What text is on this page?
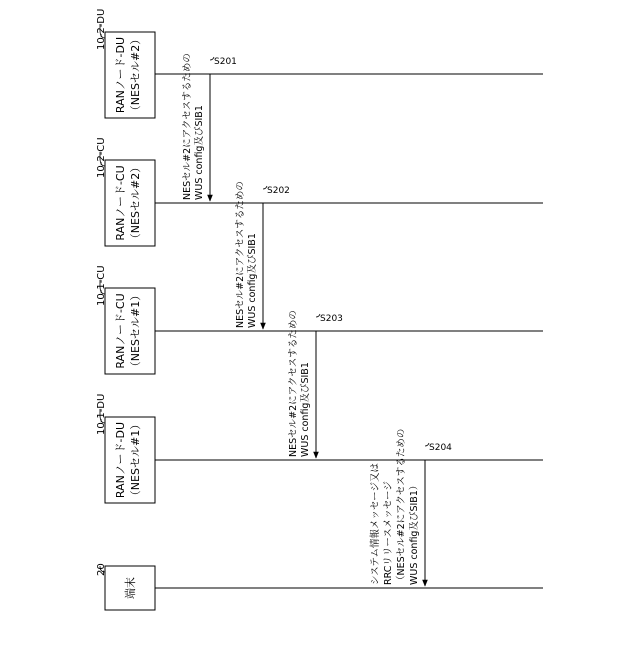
RANノード-DU （NESセル#2）
RANノード-CU （NESセル#2）
RANノード-CU （NESセル#1）
RANノード-DU （NESセル#1）
端末
10-2-DU
10-2-CU
10-1-CU
10-1-DU
20
NESセル#2にアクセスするための WUS config及びSIB1
S201
NESセル#2にアクセスするための WUS config及びSIB1
S202
NESセル#2にアクセスするための WUS config及びSIB1
S203
システム情報メッセージ又は RRCリリースメッセージ （NESセル#2にアクセスするための WUS config及びSIB1）
S204
